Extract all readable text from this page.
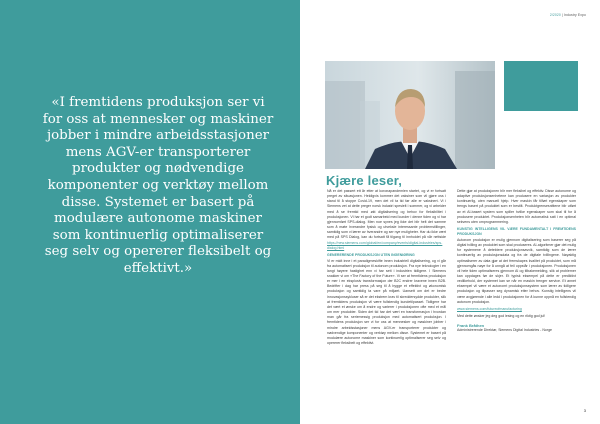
«I fremtidens produksjon ser vi for oss at mennesker og maskiner jobber i mindre arbeidsstasjoner mens AGV-er transporterer produkter og nødvendige komponenter og verktøy mellom disse. Systemet er basert på modulære autonome maskiner som kontinuerlig optimaliserer seg selv og opererer fleksibelt og effektivt.»

2/2020 | Industry Expo
Kjære leser,

Nå er det passert ett år etter at koronapandemien startet, og vi er fortsatt preget av situasjonen. Heldigvis kommer det vaksiner som vil gjøre oss i stand til å stoppe Covid-19, men det vil ta tid før alle er vaksinert. Vi i Siemens vet at dette preger norsk industri spesielt i sommer, og vi arbeider med å se fremtid med økt digitalisering og behov for fleksibilitet i produksjonen. Vi har et godt samarbeid med kunder i denne tiden og vi har gjennomført SPS-dialog. Men noe synes jeg ikke det blir helt det samme som å møte hverandre fysisk og utveksle interessante problemstillinger, samtidig som vi lærer av hverandre og ser nye muligheter. Har du ikke vært med på SPS Dialog, kan du fortsatt få tilgang til innholdet på vår nettside https://new.siemens.com/global/en/company/events/digital-industries/sps-dialog.html

GENERERENDE PRODUKSJON UTEN INGENIØRING

Vi er midt inne i et paradigmeskifte innen industriell digitalisering, og vi går fra automatisert produksjon til autonom produksjon. Fra nye teknologier i en langt høyere hastighet enn vi har sett i industrien tidligere. I Siemens snakker vi om «The Factory of the Future». Vi ser at fremtidens produksjon er mer i en eksplosiv transformasjon der B2C endrer kravene innen B2B. Bedrifter i dag har press på seg til å bygge et effektivt og økonomisk produksjon og samtidig ta vare på miljøet. Uansett om det er bedre innovasjonssykluser så er det ekstrem krav til skreddersydde produkter, slik at fremtidens produksjon vil være fullstendig kundetilpasset. Tidligere har det vært et ønske om å endre og varierer i produksjonen ofte med et mål om mer produkter. Siden det tid har det vært en transformasjon i hvordan man går fra seriemessig produksjon med automatisert produksjon. I fremtidens produksjon ser vi for oss at mennesker og maskiner jobber i mindre arbeidsstasjoner mens AGV-er transporterer produkter og nødvendige komponenter og verktøy mellom disse. Systemet er basert på modulære autonome maskiner som kontinuerlig optimaliserer seg selv og opererer fleksibelt og effektivt.

Dette gjør at produksjonen blir mer fleksibel og effektiv. Disse autonome og adaptive produksjonsenhetene kan produsere en variasjon av produkter kontinuerlig, uten manuell hjelp. Hver maskin får tilført egenskaper som trengs basert på produktet som er bestilt. Produktgrensesnittene blir utført av et AI-basert system som spiller hvilke egenskaper som skal til for å produsere produktet. Produksjonsenheten blir automatisk satt i en optimal sekvens uten omprogrammering.

KUNSTIG INTELLIGENS VIL VÆRE FUNDAMENTALT I FREMTIDENS PRODUKSJON

Autonom produksjon er mulig gjennom digitalisering som baserer seg på digital tvilling av produktet som skal produseres. AI-algoritmer gjør det mulig for systemene å detektere produksjonsavvik, samtidig som de lærer kontinuerlig av produksjonsdata og fra de digitale tvillingene. Nøyaktig optimaliserer av data gjør at det fremskapes kvalitet på produktet, som må gjennomgås nøye for å unngå at feil oppstår i produksjonen. Produksjonen vil hele tiden optimaliseres gjennom AI og tilbakemelding, slik at problemer kan oppdages før de skjer. Et typisk eksempel på dette er prediktivt vedlikehold, der systemet kan se når en maskin trenger service. Et annet eksempel vil være et autonomt produksjonssystem som lærer av tidligere produksjon og tilpasser seg dynamisk etter behov. Kunstig intelligens vil være avgjørende i alle ledd i produksjonen for å kunne oppnå en fullstendig autonom produksjon.

www.siemens.com/futureofmanufacturing

Med dette ønsker jeg deg god lesing og en riktig god jul!

Frank Bråthen
Administrerende Direktør, Siemens Digital Industries - Norge
3
